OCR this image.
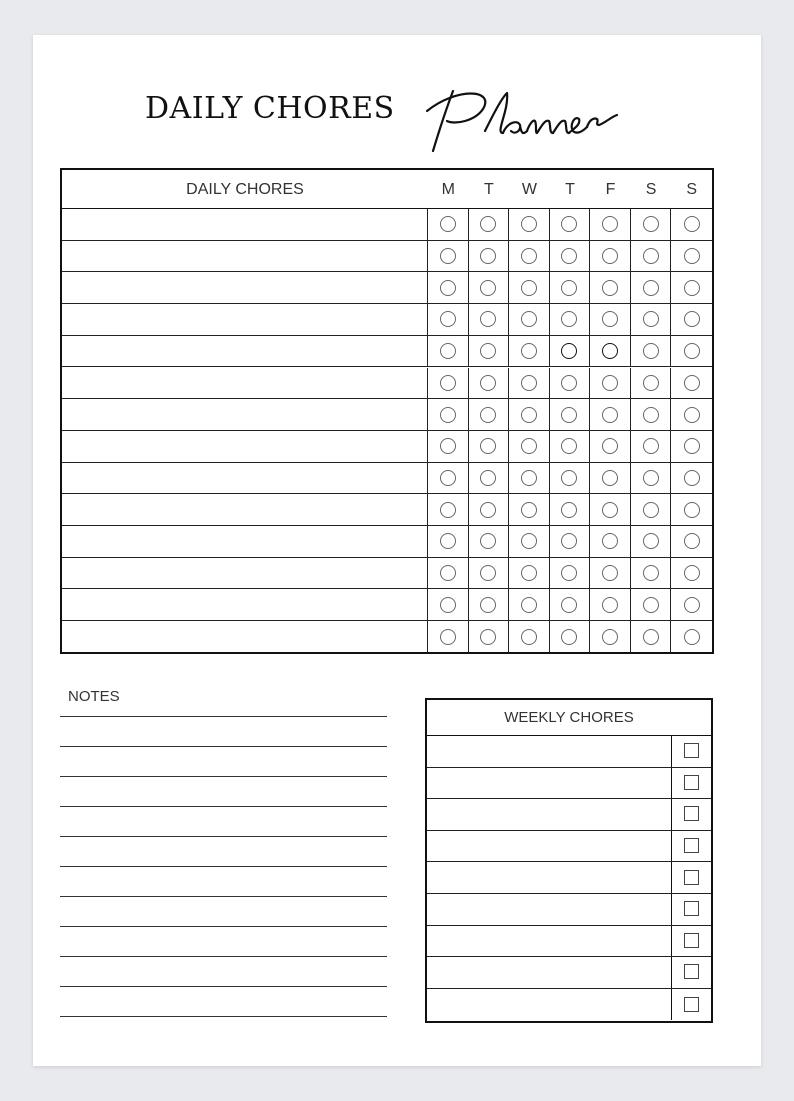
DAILY CHORES
DAILY CHORES	M	T	W	T	F	S	S
NOTES
WEEKLY CHORES
